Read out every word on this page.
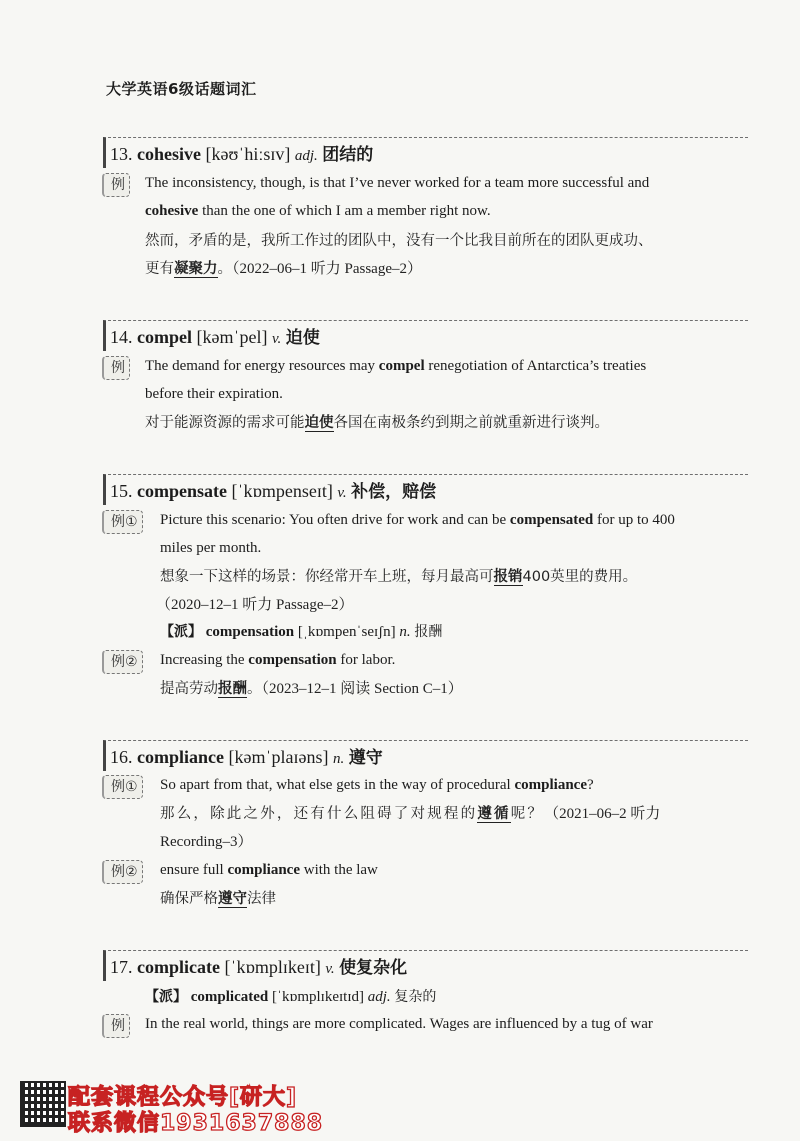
大学英语6级话题词汇
13. cohesive [kəʊˈhiːsɪv] adj. 团结的
例	The inconsistency, though, is that I’ve never worked for a team more successful and
cohesive than the one of which I am a member right now.
然而，矛盾的是，我所工作过的团队中，没有一个比我目前所在的团队更成功、
更有凝聚力。（2022–06–1 听力 Passage–2）
14. compel [kəmˈpel] v. 迫使
例	The demand for energy resources may compel renegotiation of Antarctica’s treaties
before their expiration.
对于能源资源的需求可能迫使各国在南极条约到期之前就重新进行谈判。
15. compensate [ˈkɒmpenseɪt] v. 补偿，赔偿
例①	Picture this scenario: You often drive for work and can be compensated for up to 400
miles per month.
想象一下这样的场景：你经常开车上班，每月最高可报销400英里的费用。
（2020–12–1 听力 Passage–2）
【派】 compensation [ˌkɒmpenˈseɪʃn] n. 报酬
例②	Increasing the compensation for labor.
提高劳动报酬。（2023–12–1 阅读 Section C–1）
16. compliance [kəmˈplaɪəns] n. 遵守
例①	So apart from that, what else gets in the way of procedural compliance?
那么，除此之外，还有什么阻碍了对规程的遵循呢？（2021–06–2 听力
Recording–3）
例②	ensure full compliance with the law
确保严格遵守法律
17. complicate [ˈkɒmplɪkeɪt] v. 使复杂化
【派】 complicated [ˈkɒmplɪkeɪtɪd] adj. 复杂的
例	In the real world, things are more complicated. Wages are influenced by a tug of war
配套课程公众号[研大]
联系微信1931637888
